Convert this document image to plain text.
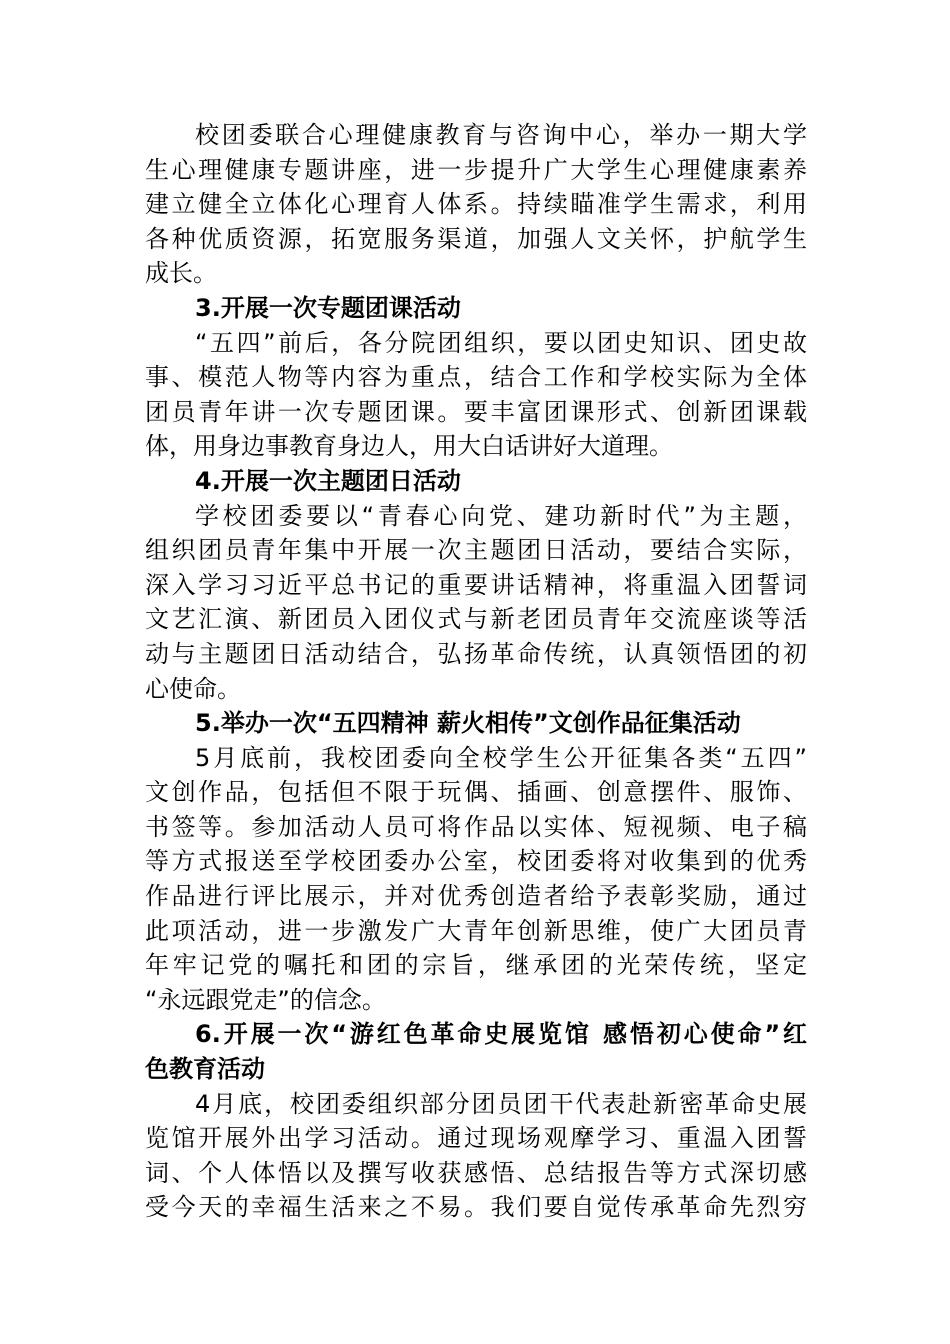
校团委联合心理健康教育与咨询中心，举办一期大学
生心理健康专题讲座，进一步提升广大学生心理健康素养
建立健全立体化心理育人体系。持续瞄准学生需求，利用
各种优质资源，拓宽服务渠道，加强人文关怀，护航学生
成长。
3.开展一次专题团课活动
“五四”前后，各分院团组织，要以团史知识、团史故
事、模范人物等内容为重点，结合工作和学校实际为全体
团员青年讲一次专题团课。要丰富团课形式、创新团课载
体，用身边事教育身边人，用大白话讲好大道理。
4.开展一次主题团日活动
学校团委要以“青春心向党、建功新时代”为主题，
组织团员青年集中开展一次主题团日活动，要结合实际，
深入学习习近平总书记的重要讲话精神，将重温入团誓词
文艺汇演、新团员入团仪式与新老团员青年交流座谈等活
动与主题团日活动结合，弘扬革命传统，认真领悟团的初
心使命。
5.举办一次“五四精神 薪火相传”文创作品征集活动
5月底前，我校团委向全校学生公开征集各类“五四”
文创作品，包括但不限于玩偶、插画、创意摆件、服饰、
书签等。参加活动人员可将作品以实体、短视频、电子稿
等方式报送至学校团委办公室，校团委将对收集到的优秀
作品进行评比展示，并对优秀创造者给予表彰奖励，通过
此项活动，进一步激发广大青年创新思维，使广大团员青
年牢记党的嘱托和团的宗旨，继承团的光荣传统，坚定
“永远跟党走”的信念。
6.开展一次“游红色革命史展览馆 感悟初心使命”红
色教育活动
4月底，校团委组织部分团员团干代表赴新密革命史展
览馆开展外出学习活动。通过现场观摩学习、重温入团誓
词、个人体悟以及撰写收获感悟、总结报告等方式深切感
受今天的幸福生活来之不易。我们要自觉传承革命先烈穷
